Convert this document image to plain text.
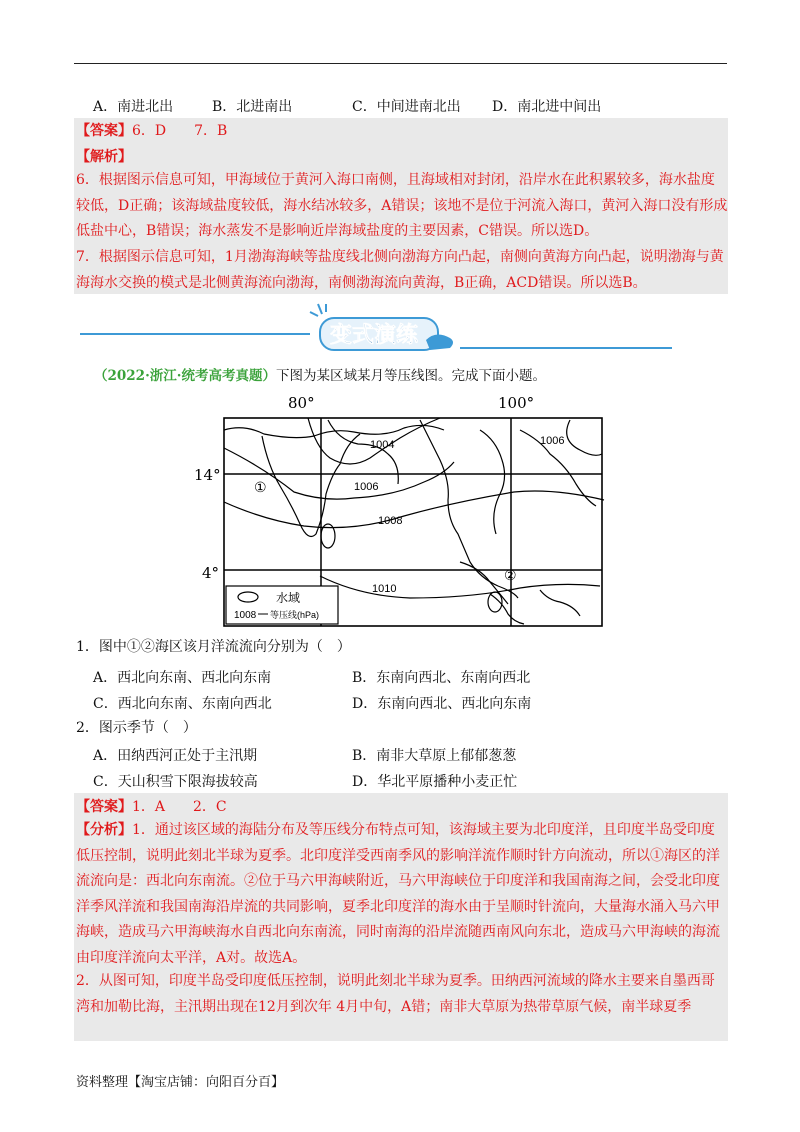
A．南进北出	B．北进南出	C．中间进南北出 D．南北进中间出
【答案】6．D　　7．B
【解析】
6．根据图示信息可知，甲海域位于黄河入海口南侧，且海域相对封闭，沿岸水在此积累较多，海水盐度较低，D正确；该海域盐度较低，海水结冰较多，A错误；该地不是位于河流入海口，黄河入海口没有形成低盐中心，B错误；海水蒸发不是影响近岸海域盐度的主要因素，C错误。所以选D。
7．根据图示信息可知，1月渤海海峡等盐度线北侧向渤海方向凸起，南侧向黄海方向凸起，说明渤海与黄海海水交换的模式是北侧黄海流向渤海，南侧渤海流向黄海，B正确，ACD错误。所以选B。
变式演练
（2022·浙江·统考高考真题）下图为某区域某月等压线图。完成下面小题。
80°	100°
14°
4°
1004
1006
1008
1010
1006
①
②
水域
1008 等压线(hPa)
1．图中①②海区该月洋流流向分别为（　）
A．西北向东南、西北向东南	B．东南向西北、东南向西北
C．西北向东南、东南向西北	D．东南向西北、西北向东南
2．图示季节（　）
A．田纳西河正处于主汛期	B．南非大草原上郁郁葱葱
C．天山积雪下限海拔较高	D．华北平原播种小麦正忙
【答案】1．A　　2．C
【分析】1．通过该区域的海陆分布及等压线分布特点可知，该海域主要为北印度洋，且印度半岛受印度低压控制，说明此刻北半球为夏季。北印度洋受西南季风的影响洋流作顺时针方向流动，所以①海区的洋流流向是：西北向东南流。②位于马六甲海峡附近，马六甲海峡位于印度洋和我国南海之间，会受北印度洋季风洋流和我国南海沿岸流的共同影响，夏季北印度洋的海水由于呈顺时针流向，大量海水涌入马六甲海峡，造成马六甲海峡海水自西北向东南流，同时南海的沿岸流随西南风向东北，造成马六甲海峡的海流由印度洋流向太平洋，A对。故选A。
2．从图可知，印度半岛受印度低压控制，说明此刻北半球为夏季。田纳西河流域的降水主要来自墨西哥湾和加勒比海，主汛期出现在12月到次年 4月中旬，A错；南非大草原为热带草原气候，南半球夏季
资料整理【淘宝店铺：向阳百分百】
